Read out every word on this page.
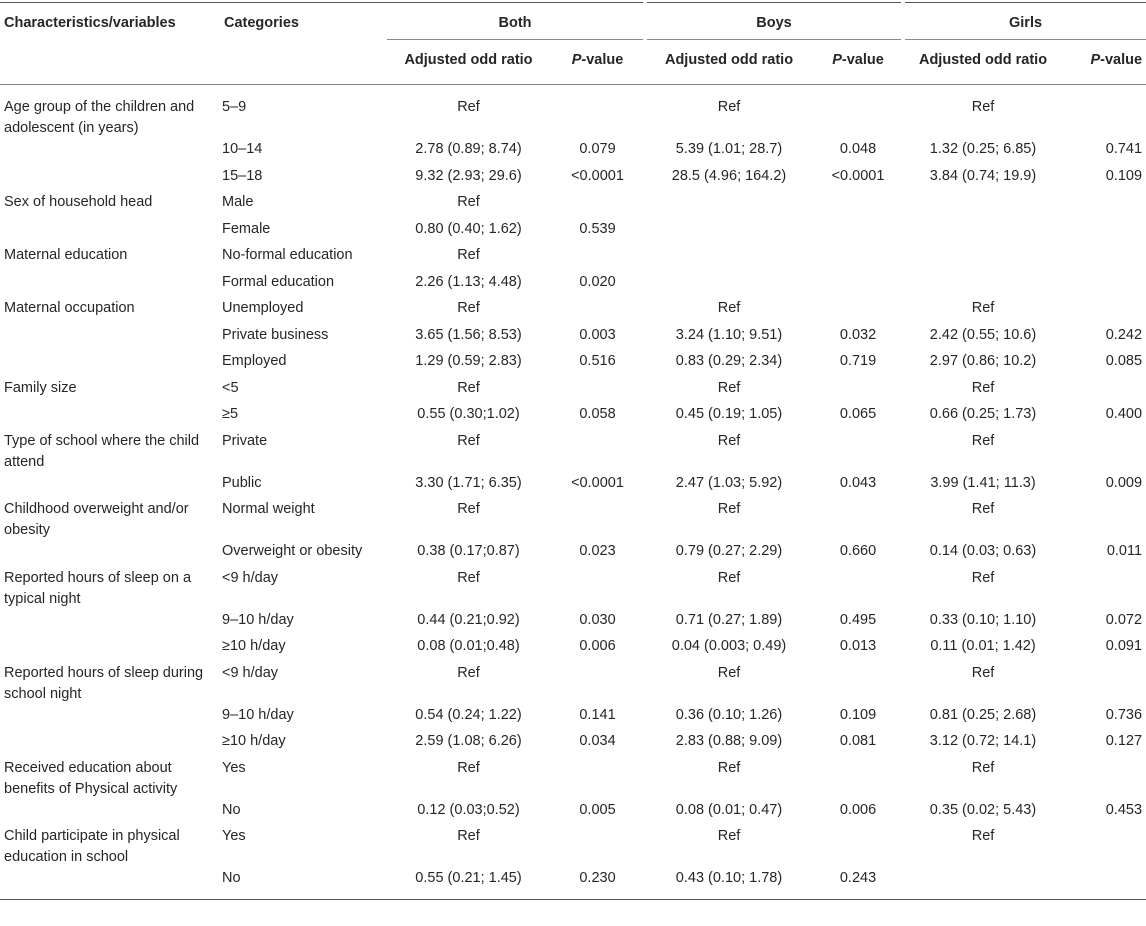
Characteristics/variables	Categories	Both		Boys		Girls	
		Adjusted odd ratio	P-value	Adjusted odd ratio	P-value	Adjusted odd ratio	P-value
Age group of the children and adolescent (in years)	5–9	Ref		Ref		Ref	
	10–14	2.78 (0.89; 8.74)	0.079	5.39 (1.01; 28.7)	0.048	1.32 (0.25; 6.85)	0.741
	15–18	9.32 (2.93; 29.6)	<0.0001	28.5 (4.96; 164.2)	<0.0001	3.84 (0.74; 19.9)	0.109
Sex of household head	Male	Ref					
	Female	0.80 (0.40; 1.62)	0.539				
Maternal education	No-formal education	Ref					
	Formal education	2.26 (1.13; 4.48)	0.020				
Maternal occupation	Unemployed	Ref		Ref		Ref	
	Private business	3.65 (1.56; 8.53)	0.003	3.24 (1.10; 9.51)	0.032	2.42 (0.55; 10.6)	0.242
	Employed	1.29 (0.59; 2.83)	0.516	0.83 (0.29; 2.34)	0.719	2.97 (0.86; 10.2)	0.085
Family size	<5	Ref		Ref		Ref	
	≥5	0.55 (0.30;1.02)	0.058	0.45 (0.19; 1.05)	0.065	0.66 (0.25; 1.73)	0.400
Type of school where the child attend	Private	Ref		Ref		Ref	
	Public	3.30 (1.71; 6.35)	<0.0001	2.47 (1.03; 5.92)	0.043	3.99 (1.41; 11.3)	0.009
Childhood overweight and/or obesity	Normal weight	Ref		Ref		Ref	
	Overweight or obesity	0.38 (0.17;0.87)	0.023	0.79 (0.27; 2.29)	0.660	0.14 (0.03; 0.63)	0.011
Reported hours of sleep on a typical night	<9 h/day	Ref		Ref		Ref	
	9–10 h/day	0.44 (0.21;0.92)	0.030	0.71 (0.27; 1.89)	0.495	0.33 (0.10; 1.10)	0.072
	≥10 h/day	0.08 (0.01;0.48)	0.006	0.04 (0.003; 0.49)	0.013	0.11 (0.01; 1.42)	0.091
Reported hours of sleep during school night	<9 h/day	Ref		Ref		Ref	
	9–10 h/day	0.54 (0.24; 1.22)	0.141	0.36 (0.10; 1.26)	0.109	0.81 (0.25; 2.68)	0.736
	≥10 h/day	2.59 (1.08; 6.26)	0.034	2.83 (0.88; 9.09)	0.081	3.12 (0.72; 14.1)	0.127
Received education about benefits of Physical activity	Yes	Ref		Ref		Ref	
	No	0.12 (0.03;0.52)	0.005	0.08 (0.01; 0.47)	0.006	0.35 (0.02; 5.43)	0.453
Child participate in physical education in school	Yes	Ref		Ref		Ref	
	No	0.55 (0.21; 1.45)	0.230	0.43 (0.10; 1.78)	0.243		
